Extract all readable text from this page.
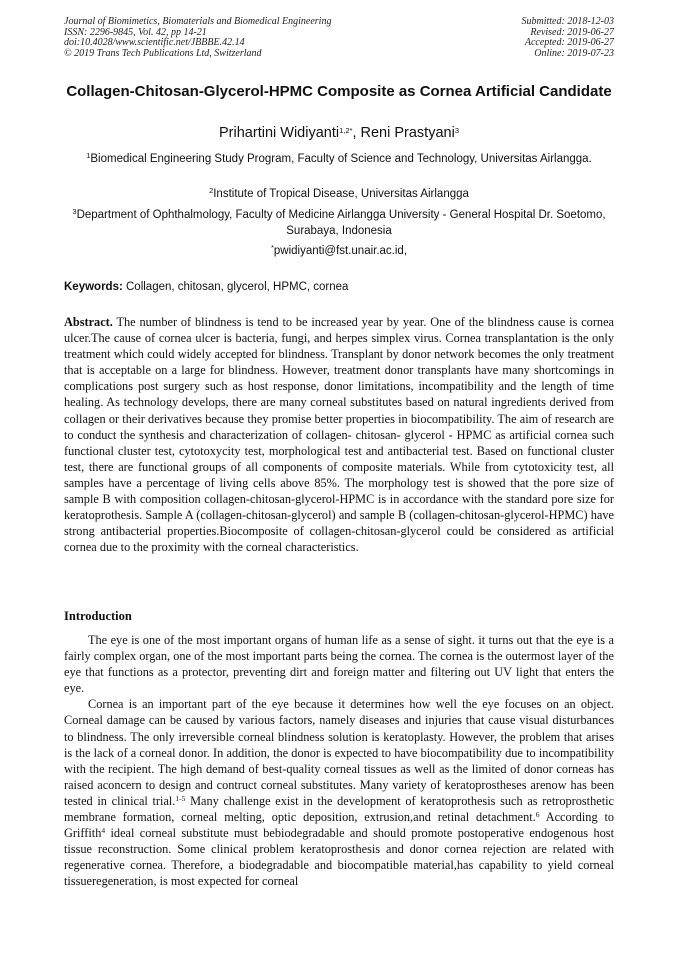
Journal of Biomimetics, Biomaterials and Biomedical Engineering
ISSN: 2296-9845, Vol. 42, pp 14-21
doi:10.4028/www.scientific.net/JBBBE.42.14
© 2019 Trans Tech Publications Ltd, Switzerland
Submitted: 2018-12-03
Revised: 2019-06-27
Accepted: 2019-06-27
Online: 2019-07-23
Collagen-Chitosan-Glycerol-HPMC Composite as Cornea Artificial Candidate
Prihartini Widiyanti$^{1,2*}$, Reni Prastyani$^3$
$^1$Biomedical Engineering Study Program, Faculty of Science and Technology, Universitas Airlangga.
$^2$Institute of Tropical Disease, Universitas Airlangga
$^3$Department of Ophthalmology, Faculty of Medicine Airlangga University - General Hospital Dr. Soetomo, Surabaya, Indonesia
*pwidiyanti@fst.unair.ac.id,
Keywords: Collagen, chitosan, glycerol, HPMC, cornea
Abstract. The number of blindness is tend to be increased year by year. One of the blindness cause is cornea ulcer.The cause of cornea ulcer is bacteria, fungi, and herpes simplex virus. Cornea transplantation is the only treatment which could widely accepted for blindness. Transplant by donor network becomes the only treatment that is acceptable on a large for blindness. However, treatment donor transplants have many shortcomings in complications post surgery such as host response, donor limitations, incompatibility and the length of time healing. As technology develops, there are many corneal substitutes based on natural ingredients derived from collagen or their derivatives because they promise better properties in biocompatibility. The aim of research are to conduct the synthesis and characterization of collagen- chitosan- glycerol - HPMC as artificial cornea such functional cluster test, cytotoxycity test, morphological test and antibacterial test. Based on functional cluster test, there are functional groups of all components of composite materials. While from cytotoxicity test, all samples have a percentage of living cells above 85%. The morphology test is showed that the pore size of sample B with composition collagen-chitosan-glycerol-HPMC is in accordance with the standard pore size for keratoprothesis. Sample A (collagen-chitosan-glycerol) and sample B (collagen-chitosan-glycerol-HPMC) have strong antibacterial properties.Biocomposite of collagen-chitosan-glycerol could be considered as artificial cornea due to the proximity with the corneal characteristics.
Introduction

The eye is one of the most important organs of human life as a sense of sight. it turns out that the eye is a fairly complex organ, one of the most important parts being the cornea. The cornea is the outermost layer of the eye that functions as a protector, preventing dirt and foreign matter and filtering out UV light that enters the eye.

Cornea is an important part of the eye because it determines how well the eye focuses on an object. Corneal damage can be caused by various factors, namely diseases and injuries that cause visual disturbances to blindness. The only irreversible corneal blindness solution is keratoplasty. However, the problem that arises is the lack of a corneal donor. In addition, the donor is expected to have biocompatibility due to incompatibility with the recipient. The high demand of best-quality corneal tissues as well as the limited of donor corneas has raised aconcern to design and contruct corneal substitutes. Many variety of keratoprostheses arenow has been tested in clinical trial.$^{1-5}$ Many challenge exist in the development of keratoprothesis such as retroprosthetic membrane formation, corneal melting, optic deposition, extrusion,and retinal detachment.$^6$ According to Griffith$^4$ ideal corneal substitute must bebiodegradable and should promote postoperative endogenous host tissue reconstruction. Some clinical problem keratoprosthesis and donor cornea rejection are related with regenerative cornea. Therefore, a biodegradable and biocompatible material,has capability to yield corneal tissueregeneration, is most expected for corneal
